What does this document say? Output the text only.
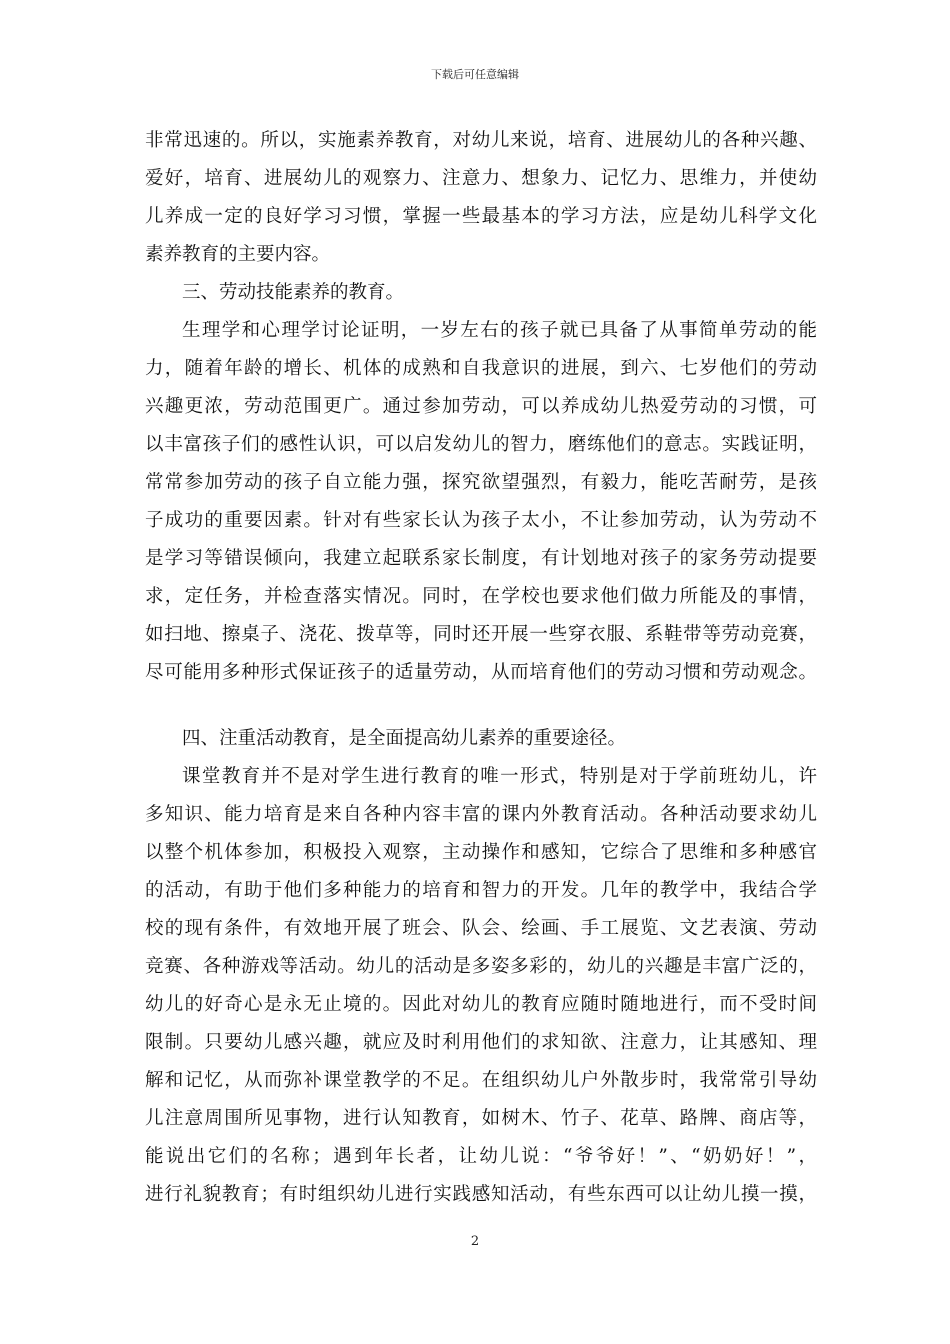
下载后可任意编辑
非常迅速的。所以，实施素养教育，对幼儿来说，培育、进展幼儿的各种兴趣、
爱好，培育、进展幼儿的观察力、注意力、想象力、记忆力、思维力，并使幼
儿养成一定的良好学习习惯，掌握一些最基本的学习方法，应是幼儿科学文化
素养教育的主要内容。
三、劳动技能素养的教育。
生理学和心理学讨论证明，一岁左右的孩子就已具备了从事简单劳动的能
力，随着年龄的增长、机体的成熟和自我意识的进展，到六、七岁他们的劳动
兴趣更浓，劳动范围更广。通过参加劳动，可以养成幼儿热爱劳动的习惯，可
以丰富孩子们的感性认识，可以启发幼儿的智力，磨练他们的意志。实践证明，
常常参加劳动的孩子自立能力强，探究欲望强烈，有毅力，能吃苦耐劳，是孩
子成功的重要因素。针对有些家长认为孩子太小，不让参加劳动，认为劳动不
是学习等错误倾向，我建立起联系家长制度，有计划地对孩子的家务劳动提要
求，定任务，并检查落实情况。同时，在学校也要求他们做力所能及的事情，
如扫地、擦桌子、浇花、拨草等，同时还开展一些穿衣服、系鞋带等劳动竞赛，
尽可能用多种形式保证孩子的适量劳动，从而培育他们的劳动习惯和劳动观念。
四、注重活动教育，是全面提高幼儿素养的重要途径。
课堂教育并不是对学生进行教育的唯一形式，特别是对于学前班幼儿，许
多知识、能力培育是来自各种内容丰富的课内外教育活动。各种活动要求幼儿
以整个机体参加，积极投入观察，主动操作和感知，它综合了思维和多种感官
的活动，有助于他们多种能力的培育和智力的开发。几年的教学中，我结合学
校的现有条件，有效地开展了班会、队会、绘画、手工展览、文艺表演、劳动
竞赛、各种游戏等活动。幼儿的活动是多姿多彩的，幼儿的兴趣是丰富广泛的，
幼儿的好奇心是永无止境的。因此对幼儿的教育应随时随地进行，而不受时间
限制。只要幼儿感兴趣，就应及时利用他们的求知欲、注意力，让其感知、理
解和记忆，从而弥补课堂教学的不足。在组织幼儿户外散步时，我常常引导幼
儿注意周围所见事物，进行认知教育，如树木、竹子、花草、路牌、商店等，
能说出它们的名称；遇到年长者，让幼儿说：“爷爷好！”、“奶奶好！”，
进行礼貌教育；有时组织幼儿进行实践感知活动，有些东西可以让幼儿摸一摸，
2
